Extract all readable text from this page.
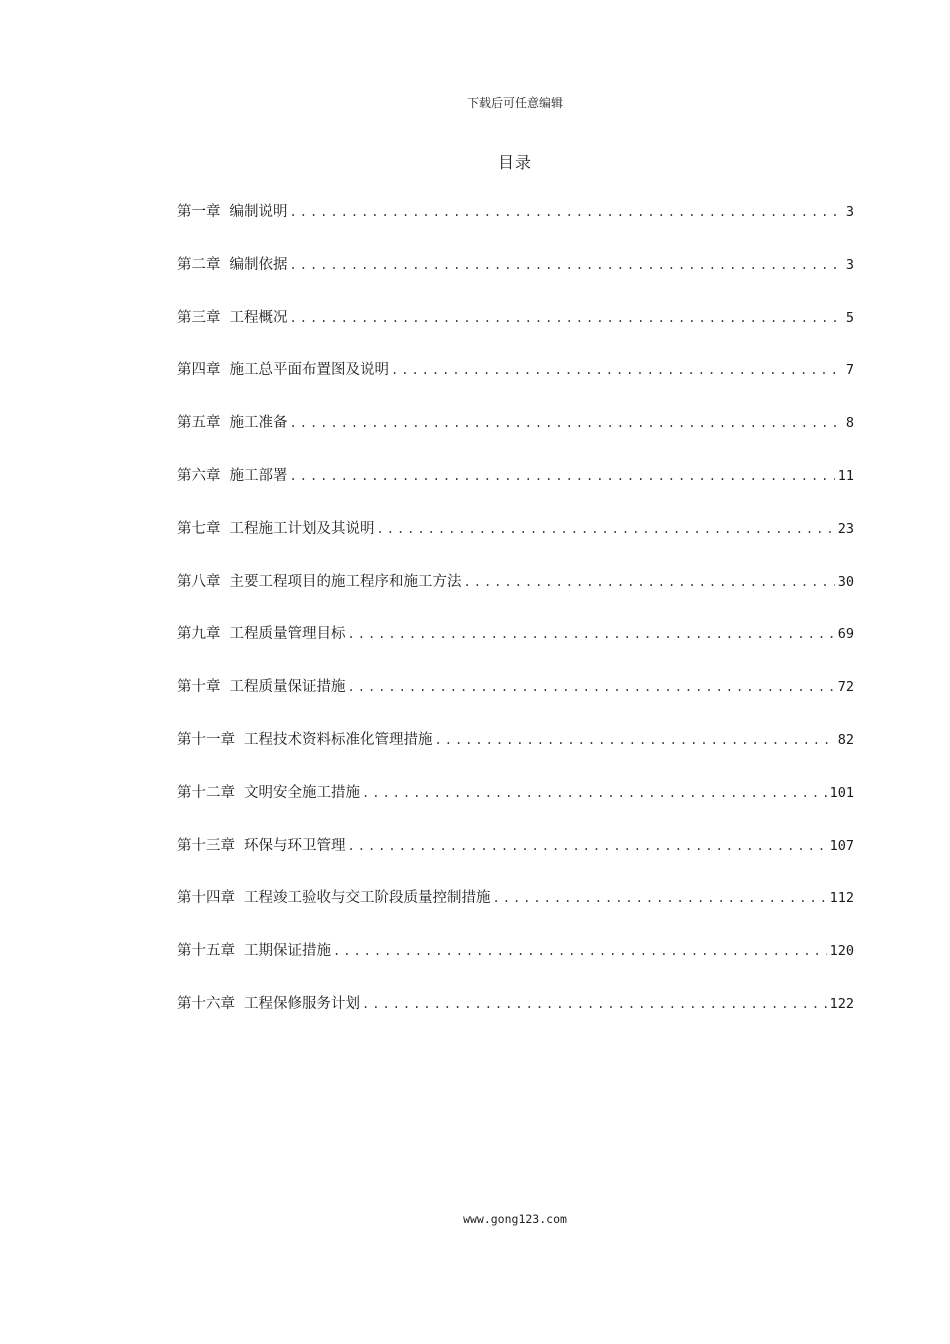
下载后可任意编辑
目录
第一章 编制说明 .....	3
第二章 编制依据 .....	3
第三章 工程概况 .....	5
第四章 施工总平面布置图及说明 .....	7
第五章 施工准备 .....	8
第六章 施工部署 .....	11
第七章 工程施工计划及其说明 .....	23
第八章 主要工程项目的施工程序和施工方法 .....	30
第九章 工程质量管理目标 .....	69
第十章 工程质量保证措施 .....	72
第十一章 工程技术资料标准化管理措施 .....	82
第十二章 文明安全施工措施 .....	101
第十三章 环保与环卫管理 .....	107
第十四章 工程竣工验收与交工阶段质量控制措施 .....	112
第十五章 工期保证措施 .....	120
第十六章 工程保修服务计划 .....	122
www.gong123.com
